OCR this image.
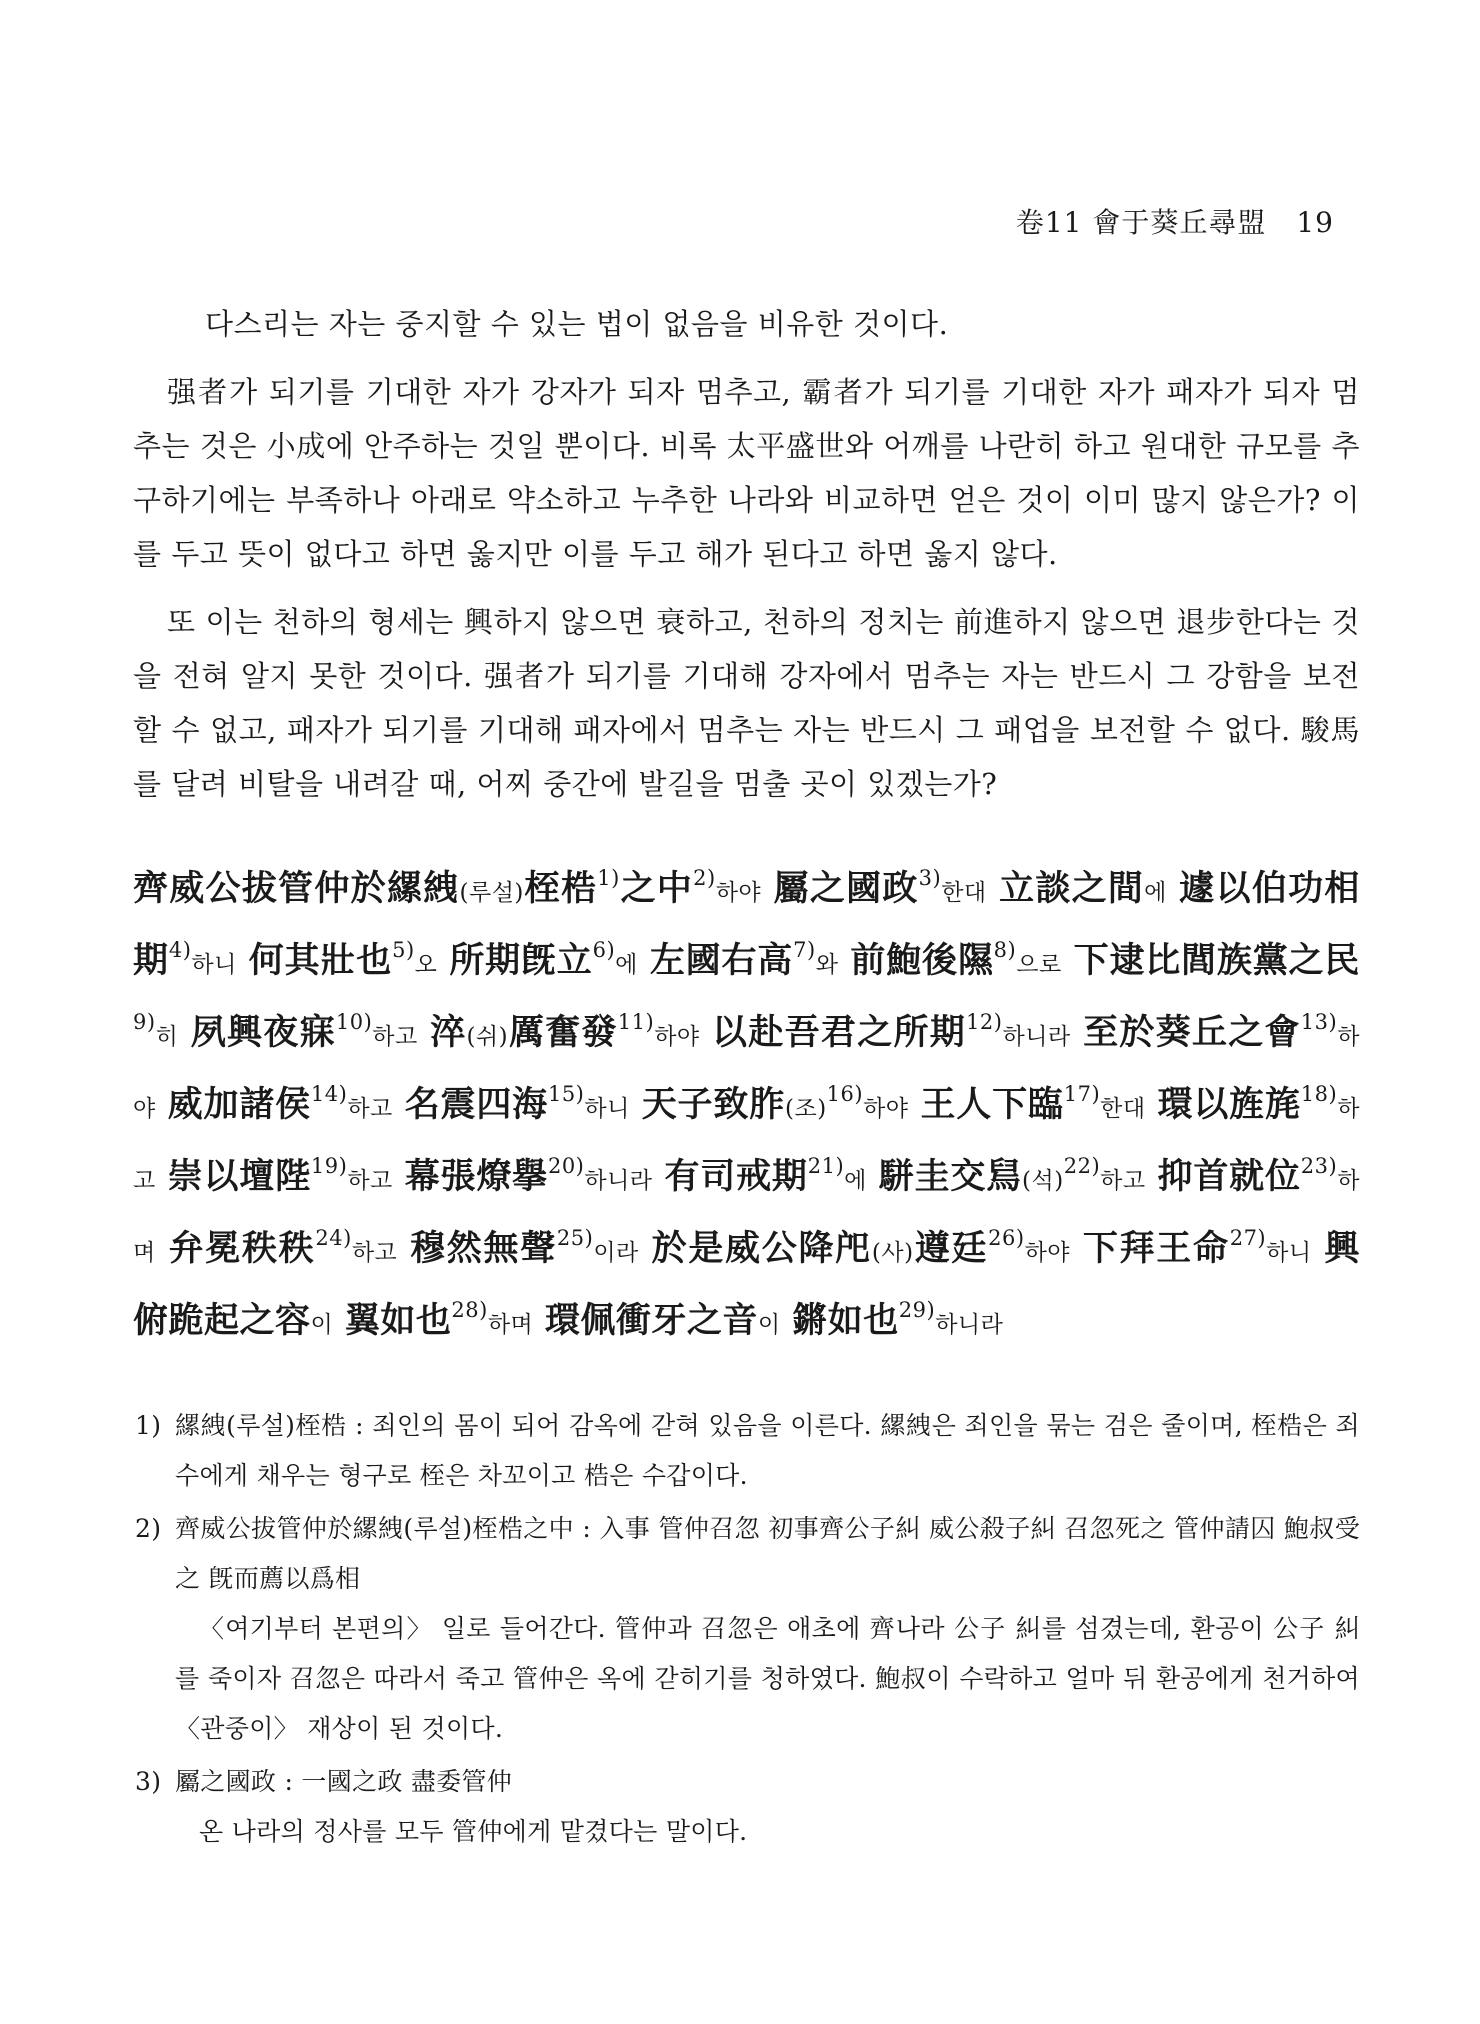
卷11 會于葵丘尋盟 19

다스리는 자는 중지할 수 있는 법이 없음을 비유한 것이다.

强者가 되기를 기대한 자가 강자가 되자 멈추고, 霸者가 되기를 기대한 자가 패자가 되자 멈추는 것은 小成에 안주하는 것일 뿐이다. 비록 太平盛世와 어깨를 나란히 하고 원대한 규모를 추구하기에는 부족하나 아래로 약소하고 누추한 나라와 비교하면 얻은 것이 이미 많지 않은가? 이를 두고 뜻이 없다고 하면 옳지만 이를 두고 해가 된다고 하면 옳지 않다.

또 이는 천하의 형세는 興하지 않으면 衰하고, 천하의 정치는 前進하지 않으면 退步한다는 것을 전혀 알지 못한 것이다. 强者가 되기를 기대해 강자에서 멈추는 자는 반드시 그 강함을 보전할 수 없고, 패자가 되기를 기대해 패자에서 멈추는 자는 반드시 그 패업을 보전할 수 없다. 駿馬를 달려 비탈을 내려갈 때, 어찌 중간에 발길을 멈출 곳이 있겠는가?

齊威公拔管仲於縲絏(루설)桎梏$^{1)}$之中$^{2)}$하야 屬之國政$^{3)}$한대 立談之間에 遽以伯功相期$^{4)}$하니 何其壯也$^{5)}$오 所期旣立$^{6)}$에 左國右高$^{7)}$와 前鮑後隰$^{8)}$으로 下逮比閭族黨之民$^{9)}$히 夙興夜寐$^{10)}$하고 淬(쉬)厲奮發$^{11)}$하야 以赴吾君之所期$^{12)}$하니라 至於葵丘之會$^{13)}$하야 威加諸侯$^{14)}$하고 名震四海$^{15)}$하니 天子致胙(조)$^{16)}$하야 王人下臨$^{17)}$한대 環以旌旄$^{18)}$하고 崇以壇陛$^{19)}$하고 幕張燎擧$^{20)}$하니라 有司戒期$^{21)}$에 駢圭交舃(석)$^{22)}$하고 抑首就位$^{23)}$하며 弁冕秩秩$^{24)}$하고 穆然無聲$^{25)}$이라 於是威公降戺(사)遵廷$^{26)}$하야 下拜王命$^{27)}$하니 興俯跪起之容이 翼如也$^{28)}$하며 環佩衝牙之音이 鏘如也$^{29)}$하니라
1) 縲絏(루설)桎梏 : 죄인의 몸이 되어 감옥에 갇혀 있음을 이른다. 縲絏은 죄인을 묶는 검은 줄이며, 桎梏은 죄수에게 채우는 형구로 桎은 차꼬이고 梏은 수갑이다.
2) 齊威公拔管仲於縲絏(루설)桎梏之中 : 入事 管仲召忽 初事齊公子糾 威公殺子糾 召忽死之 管仲請囚 鮑叔受之 旣而薦以爲相
〈여기부터 본편의〉 일로 들어간다. 管仲과 召忽은 애초에 齊나라 公子 糾를 섬겼는데, 환공이 公子 糾를 죽이자 召忽은 따라서 죽고 管仲은 옥에 갇히기를 청하였다. 鮑叔이 수락하고 얼마 뒤 환공에게 천거하여 〈관중이〉 재상이 된 것이다.
3) 屬之國政 : 一國之政 盡委管仲
온 나라의 정사를 모두 管仲에게 맡겼다는 말이다.
